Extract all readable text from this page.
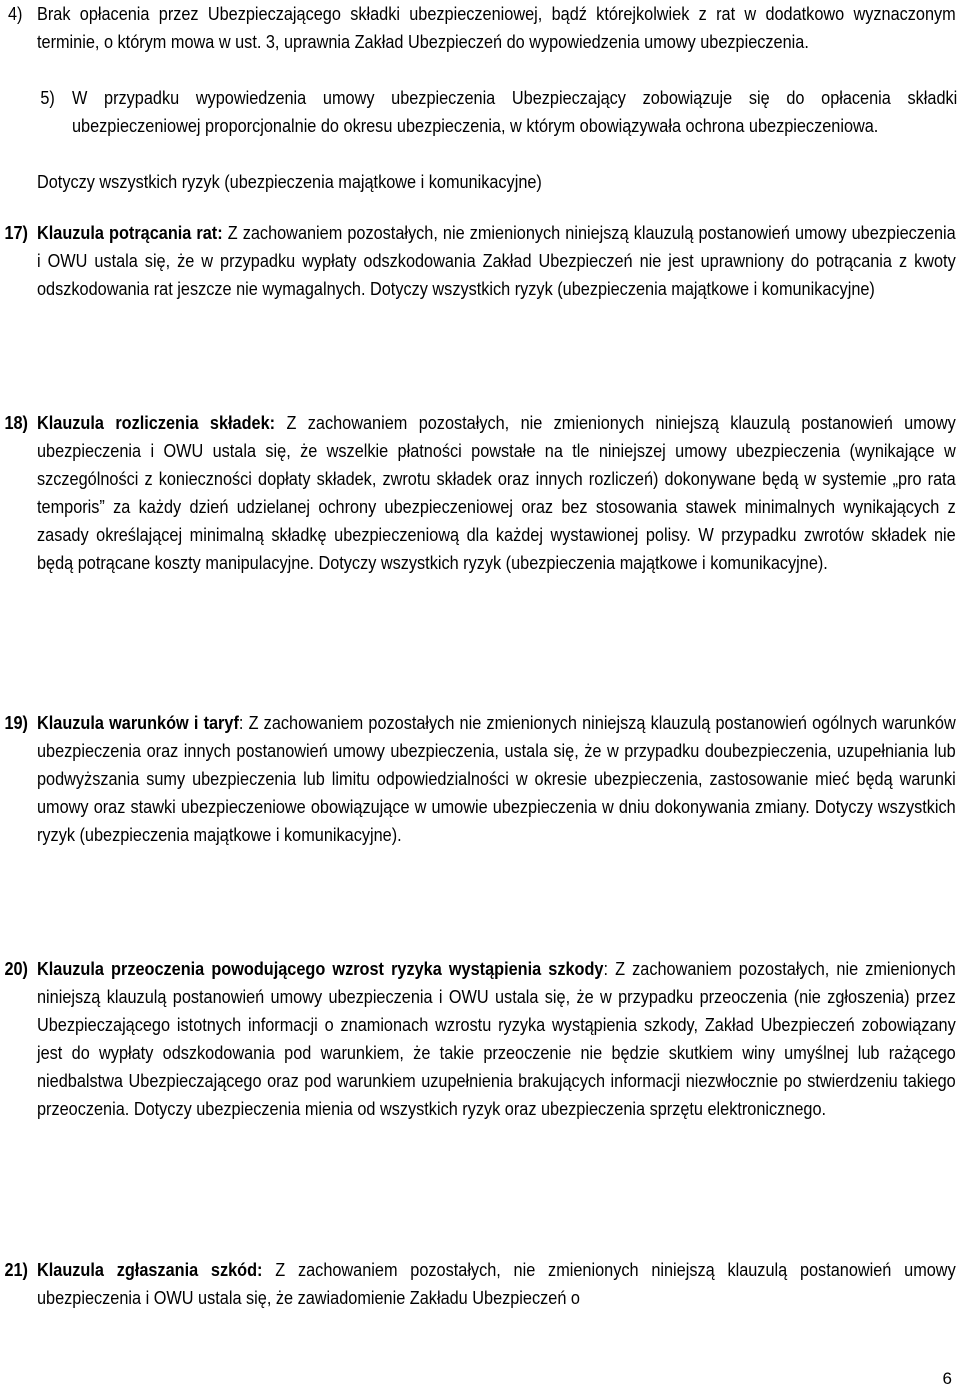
4) Brak opłacenia przez Ubezpieczającego składki ubezpieczeniowej, bądź którejkolwiek z rat w dodatkowo wyznaczonym terminie, o którym mowa w ust. 3, uprawnia Zakład Ubezpieczeń do wypowiedzenia umowy ubezpieczenia.
5) W przypadku wypowiedzenia umowy ubezpieczenia Ubezpieczający zobowiązuje się do opłacenia składki ubezpieczeniowej proporcjonalnie do okresu ubezpieczenia, w którym obowiązywała ochrona ubezpieczeniowa.
Dotyczy wszystkich ryzyk (ubezpieczenia majątkowe i komunikacyjne)
17) Klauzula potrącania rat: Z zachowaniem pozostałych, nie zmienionych niniejszą klauzulą postanowień umowy ubezpieczenia i OWU ustala się, że w przypadku wypłaty odszkodowania Zakład Ubezpieczeń nie jest uprawniony do potrącania z kwoty odszkodowania rat jeszcze nie wymagalnych. Dotyczy wszystkich ryzyk (ubezpieczenia majątkowe i komunikacyjne)
18) Klauzula rozliczenia składek: Z zachowaniem pozostałych, nie zmienionych niniejszą klauzulą postanowień umowy ubezpieczenia i OWU ustala się, że wszelkie płatności powstałe na tle niniejszej umowy ubezpieczenia (wynikające w szczególności z konieczności dopłaty składek, zwrotu składek oraz innych rozliczeń) dokonywane będą w systemie „pro rata temporis” za każdy dzień udzielanej ochrony ubezpieczeniowej oraz bez stosowania stawek minimalnych wynikających z zasady określającej minimalną składkę ubezpieczeniową dla każdej wystawionej polisy. W przypadku zwrotów składek nie będą potrącane koszty manipulacyjne. Dotyczy wszystkich ryzyk (ubezpieczenia majątkowe i komunikacyjne).
19) Klauzula warunków i taryf: Z zachowaniem pozostałych nie zmienionych niniejszą klauzulą postanowień ogólnych warunków ubezpieczenia oraz innych postanowień umowy ubezpieczenia, ustala się, że w przypadku doubezpieczenia, uzupełniania lub podwyższania sumy ubezpieczenia lub limitu odpowiedzialności w okresie ubezpieczenia, zastosowanie mieć będą warunki umowy oraz stawki ubezpieczeniowe obowiązujące w umowie ubezpieczenia w dniu dokonywania zmiany. Dotyczy wszystkich ryzyk (ubezpieczenia majątkowe i komunikacyjne).
20) Klauzula przeoczenia powodującego wzrost ryzyka wystąpienia szkody: Z zachowaniem pozostałych, nie zmienionych niniejszą klauzulą postanowień umowy ubezpieczenia i OWU ustala się, że w przypadku przeoczenia (nie zgłoszenia) przez Ubezpieczającego istotnych informacji o znamionach wzrostu ryzyka wystąpienia szkody, Zakład Ubezpieczeń zobowiązany jest do wypłaty odszkodowania pod warunkiem, że takie przeoczenie nie będzie skutkiem winy umyślnej lub rażącego niedbalstwa Ubezpieczającego oraz pod warunkiem uzupełnienia brakujących informacji niezwłocznie po stwierdzeniu takiego przeoczenia. Dotyczy ubezpieczenia mienia od wszystkich ryzyk oraz ubezpieczenia sprzętu elektronicznego.
21) Klauzula zgłaszania szkód: Z zachowaniem pozostałych, nie zmienionych niniejszą klauzulą postanowień umowy ubezpieczenia i OWU ustala się, że zawiadomienie Zakładu Ubezpieczeń o
6
